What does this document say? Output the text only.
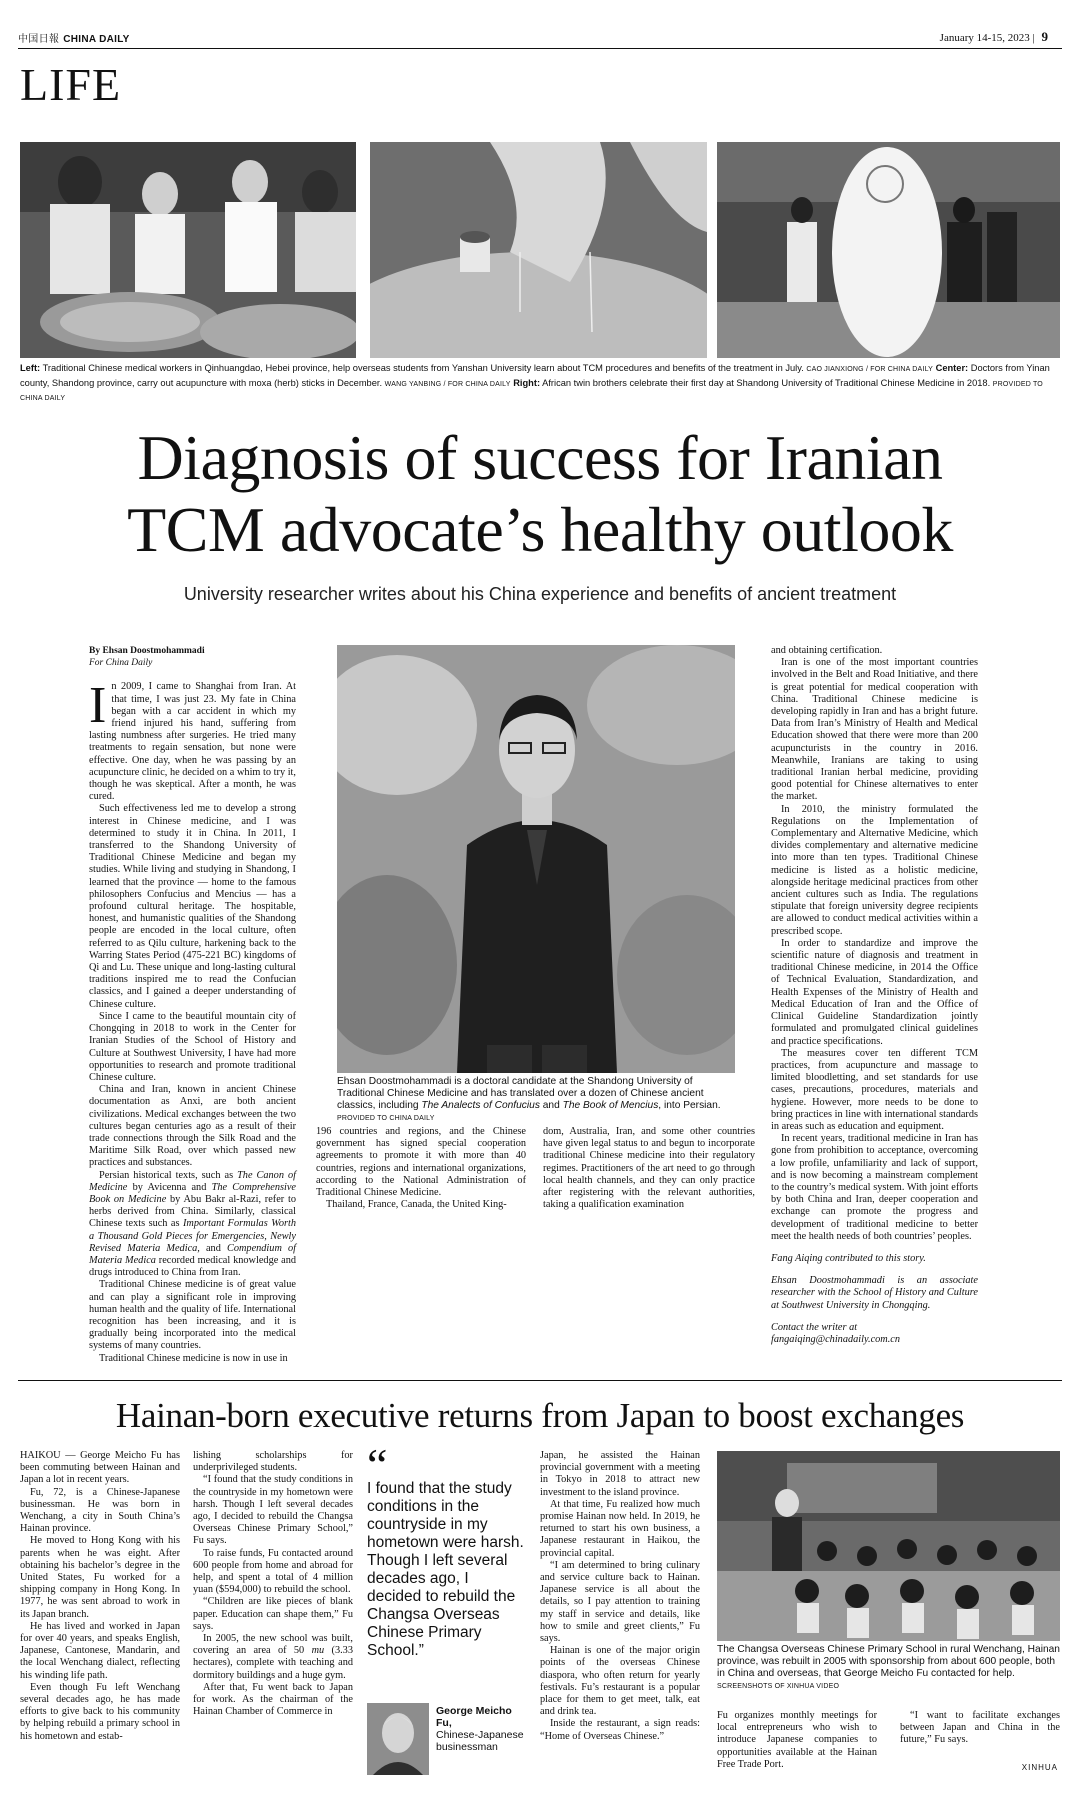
中国日報 CHINA DAILY	January 14-15, 2023 | 9
LIFE
Left: Traditional Chinese medical workers in Qinhuangdao, Hebei province, help overseas students from Yanshan University learn about TCM procedures and benefits of the treatment in July. CAO JIANXIONG / FOR CHINA DAILY Center: Doctors from Yinan county, Shandong province, carry out acupuncture with moxa (herb) sticks in December. WANG YANBING / FOR CHINA DAILY Right: African twin brothers celebrate their first day at Shandong University of Traditional Chinese Medicine in 2018. PROVIDED TO CHINA DAILY
Diagnosis of success for Iranian
TCM advocate’s healthy outlook
University researcher writes about his China experience and benefits of ancient treatment
By Ehsan Doostmohammadi
For China Daily

In 2009, I came to Shanghai from Iran. At that time, I was just 23. My fate in China began with a car accident in which my friend injured his hand, suffering from lasting numbness after surgeries. He tried many treatments to regain sensation, but none were effective. One day, when he was passing by an acupuncture clinic, he decided on a whim to try it, though he was skeptical. After a month, he was cured.

Such effectiveness led me to develop a strong interest in Chinese medicine, and I was determined to study it in China. In 2011, I transferred to the Shandong University of Traditional Chinese Medicine and began my studies. While living and studying in Shandong, I learned that the province — home to the famous philosophers Confucius and Mencius — has a profound cultural heritage. The hospitable, honest, and humanistic qualities of the Shandong people are encoded in the local culture, often referred to as Qilu culture, harkening back to the Warring States Period (475-221 BC) kingdoms of Qi and Lu. These unique and long-lasting cultural traditions inspired me to read the Confucian classics, and I gained a deeper understanding of Chinese culture.

Since I came to the beautiful mountain city of Chongqing in 2018 to work in the Center for Iranian Studies of the School of History and Culture at Southwest University, I have had more opportunities to research and promote traditional Chinese culture.

China and Iran, known in ancient Chinese documentation as Anxi, are both ancient civilizations. Medical exchanges between the two cultures began centuries ago as a result of their trade connections through the Silk Road and the Maritime Silk Road, over which passed new practices and substances.

Persian historical texts, such as The Canon of Medicine by Avicenna and The Comprehensive Book on Medicine by Abu Bakr al-Razi, refer to herbs derived from China. Similarly, classical Chinese texts such as Important Formulas Worth a Thousand Gold Pieces for Emergencies, Newly Revised Materia Medica, and Compendium of Materia Medica recorded medical knowledge and drugs introduced to China from Iran.

Traditional Chinese medicine is of great value and can play a significant role in improving human health and the quality of life. International recognition has been increasing, and it is gradually being incorporated into the medical systems of many countries.

Traditional Chinese medicine is now in use in

Ehsan Doostmohammadi is a doctoral candidate at the Shandong University of Traditional Chinese Medicine and has translated over a dozen of Chinese ancient classics, including The Analects of Confucius and The Book of Mencius, into Persian. PROVIDED TO CHINA DAILY

196 countries and regions, and the Chinese government has signed special cooperation agreements to promote it with more than 40 countries, regions and international organizations, according to the National Administration of Traditional Chinese Medicine.

Thailand, France, Canada, the United King-

dom, Australia, Iran, and some other countries have given legal status to and begun to incorporate traditional Chinese medicine into their regulatory regimes. Practitioners of the art need to go through local health channels, and they can only practice after registering with the relevant authorities, taking a qualification examination

and obtaining certification.

Iran is one of the most important countries involved in the Belt and Road Initiative, and there is great potential for medical cooperation with China. Traditional Chinese medicine is developing rapidly in Iran and has a bright future. Data from Iran’s Ministry of Health and Medical Education showed that there were more than 200 acupuncturists in the country in 2016. Meanwhile, Iranians are taking to using traditional Iranian herbal medicine, providing good potential for Chinese alternatives to enter the market.

In 2010, the ministry formulated the Regulations on the Implementation of Complementary and Alternative Medicine, which divides complementary and alternative medicine into more than ten types. Traditional Chinese medicine is listed as a holistic medicine, alongside heritage medicinal practices from other ancient cultures such as India. The regulations stipulate that foreign university degree recipients are allowed to conduct medical activities within a prescribed scope.

In order to standardize and improve the scientific nature of diagnosis and treatment in traditional Chinese medicine, in 2014 the Office of Technical Evaluation, Standardization, and Health Expenses of the Ministry of Health and Medical Education of Iran and the Office of Clinical Guideline Standardization jointly formulated and promulgated clinical guidelines and practice specifications.

The measures cover ten different TCM practices, from acupuncture and massage to limited bloodletting, and set standards for use cases, precautions, procedures, materials and hygiene. However, more needs to be done to bring practices in line with international standards in areas such as education and equipment.

In recent years, traditional medicine in Iran has gone from prohibition to acceptance, overcoming a low profile, unfamiliarity and lack of support, and is now becoming a mainstream complement to the country’s medical system. With joint efforts by both China and Iran, deeper cooperation and exchange can promote the progress and development of traditional medicine to better meet the health needs of both countries’ peoples.

Fang Aiqing contributed to this story.

Ehsan Doostmohammadi is an associate researcher with the School of History and Culture at Southwest University in Chongqing.

Contact the writer at

fangaiqing@chinadaily.com.cn

Hainan-born executive returns from Japan to boost exchanges

HAIKOU — George Meicho Fu has been commuting between Hainan and Japan a lot in recent years.

Fu, 72, is a Chinese-Japanese businessman. He was born in Wenchang, a city in South China’s Hainan province.

He moved to Hong Kong with his parents when he was eight. After obtaining his bachelor’s degree in the United States, Fu worked for a shipping company in Hong Kong. In 1977, he was sent abroad to work in its Japan branch.

He has lived and worked in Japan for over 40 years, and speaks English, Japanese, Cantonese, Mandarin, and the local Wenchang dialect, reflecting his winding life path.

Even though Fu left Wenchang several decades ago, he has made efforts to give back to his community by helping rebuild a primary school in his hometown and estab-

lishing scholarships for underprivileged students.

“I found that the study conditions in the countryside in my hometown were harsh. Though I left several decades ago, I decided to rebuild the Changsa Overseas Chinese Primary School,” Fu says.

To raise funds, Fu contacted around 600 people from home and abroad for help, and spent a total of 4 million yuan ($594,000) to rebuild the school.

“Children are like pieces of blank paper. Education can shape them,” Fu says.

In 2005, the new school was built, covering an area of 50 mu (3.33 hectares), complete with teaching and dormitory buildings and a huge gym.

After that, Fu went back to Japan for work. As the chairman of the Hainan Chamber of Commerce in

“
I found that the study conditions in the countryside in my hometown were harsh. Though I left several decades ago, I decided to rebuild the Changsa Overseas Chinese Primary School.”
George Meicho Fu,
Chinese-Japanese businessman

Japan, he assisted the Hainan provincial government with a meeting in Tokyo in 2018 to attract new investment to the island province.

At that time, Fu realized how much promise Hainan now held. In 2019, he returned to start his own business, a Japanese restaurant in Haikou, the provincial capital.

“I am determined to bring culinary and service culture back to Hainan. Japanese service is all about the details, so I pay attention to training my staff in service and details, like how to smile and greet clients,” Fu says.

Hainan is one of the major origin points of the overseas Chinese diaspora, who often return for yearly festivals. Fu’s restaurant is a popular place for them to get meet, talk, eat and drink tea.

Inside the restaurant, a sign reads: “Home of Overseas Chinese.”

The Changsa Overseas Chinese Primary School in rural Wenchang, Hainan province, was rebuilt in 2005 with sponsorship from about 600 people, both in China and overseas, that George Meicho Fu contacted for help. SCREENSHOTS OF XINHUA VIDEO

Fu organizes monthly meetings for local entrepreneurs who wish to introduce Japanese companies to opportunities available at the Hainan Free Trade Port.

“I want to facilitate exchanges between Japan and China in the future,” Fu says.

XINHUA
